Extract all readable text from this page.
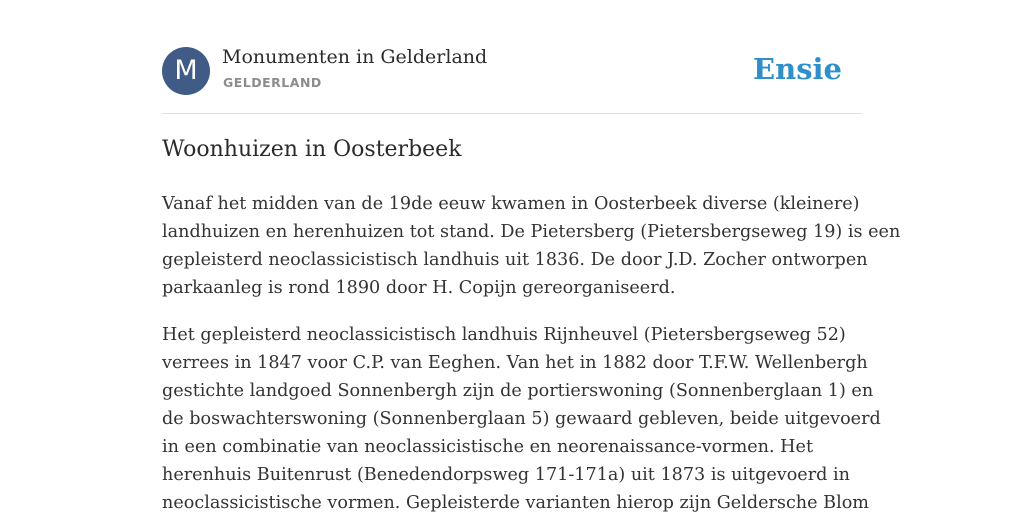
M	Monumenten in Gelderland
GELDERLAND	Ensie
Woonhuizen in Oosterbeek

Vanaf het midden van de 19de eeuw kwamen in Oosterbeek diverse (kleinere)
landhuizen en herenhuizen tot stand. De Pietersberg (Pietersbergseweg 19) is een
gepleisterd neoclassicistisch landhuis uit 1836. De door J.D. Zocher ontworpen
parkaanleg is rond 1890 door H. Copijn gereorganiseerd.

Het gepleisterd neoclassicistisch landhuis Rijnheuvel (Pietersbergseweg 52)
verrees in 1847 voor C.P. van Eeghen. Van het in 1882 door T.F.W. Wellenbergh
gestichte landgoed Sonnenbergh zijn de portierswoning (Sonnenberglaan 1) en
de boswachterswoning (Sonnenberglaan 5) gewaard gebleven, beide uitgevoerd
in een combinatie van neoclassicistische en neorenaissance-vormen. Het
herenhuis Buitenrust (Benedendorpsweg 171-171a) uit 1873 is uitgevoerd in
neoclassicistische vormen. Gepleisterde varianten hierop zijn Geldersche Blom
